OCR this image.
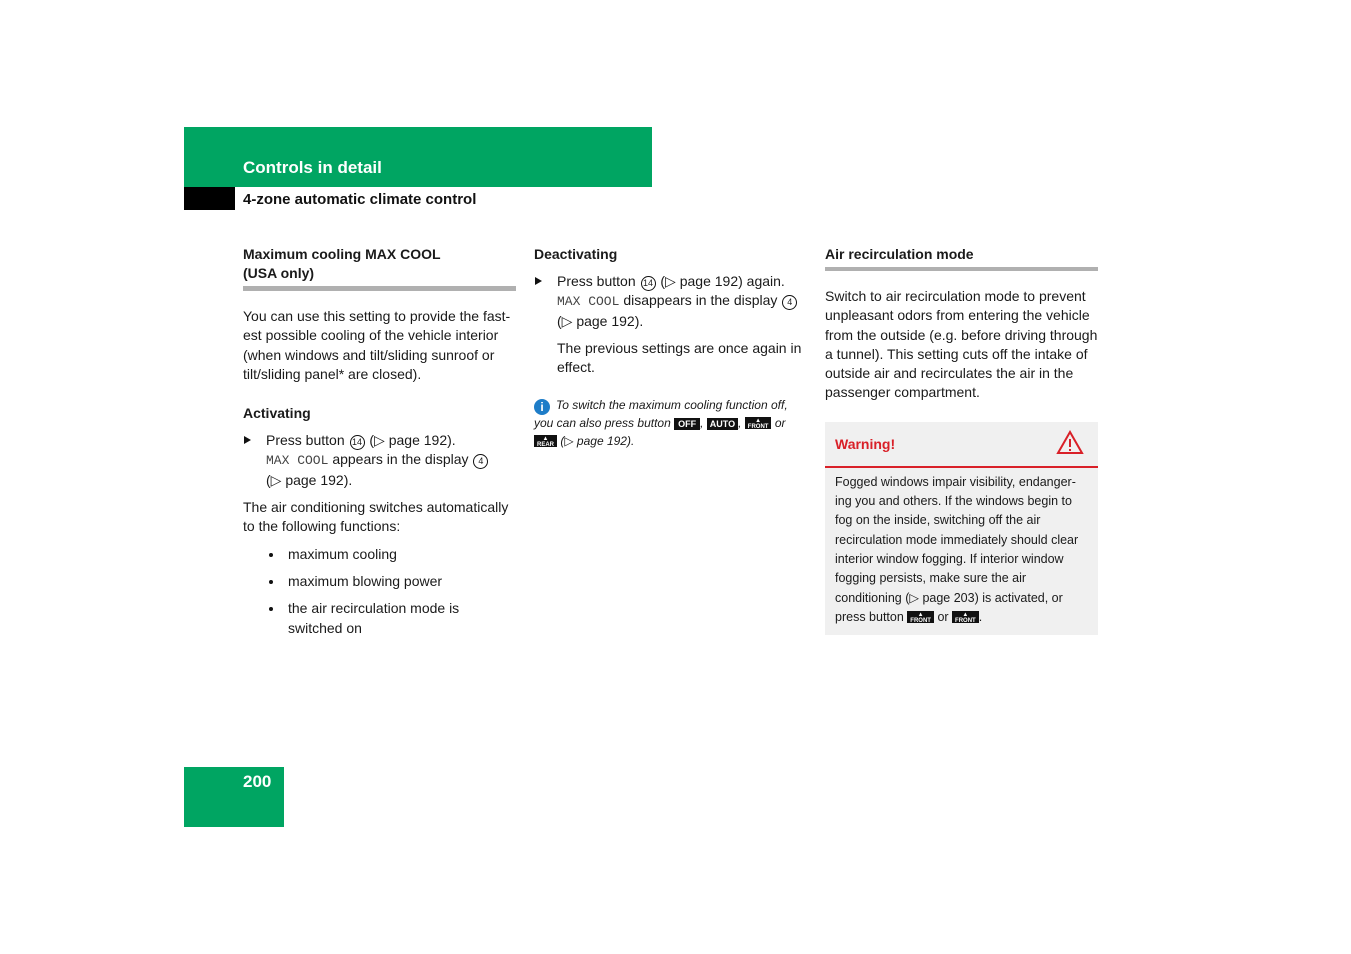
Controls in detail
4-zone automatic climate control

Maximum cooling MAX COOL
(USA only)

You can use this setting to provide the fast-est possible cooling of the vehicle interior (when windows and tilt/sliding sunroof or tilt/sliding panel* are closed).

Activating

Press button 14 (▷ page 192).
MAX COOL appears in the display 4
(▷ page 192).

The air conditioning switches automatically to the following functions:

maximum cooling
maximum blowing power
the air recirculation mode is switched on

Deactivating

Press button 14 (▷ page 192) again.
MAX COOL disappears in the display 4
(▷ page 192).

The previous settings are once again in effect.

i To switch the maximum cooling function off, you can also press button OFF , AUTO , ▲
FRONT or
▲
REAR (▷ page 192).

Air recirculation mode

Switch to air recirculation mode to prevent unpleasant odors from entering the vehicle from the outside (e.g. before driving through a tunnel). This setting cuts off the intake of outside air and recirculates the air in the passenger compartment.

Warning!
Fogged windows impair visibility, endanger-ing you and others. If the windows begin to fog on the inside, switching off the air recirculation mode immediately should clear interior window fogging. If interior window fogging persists, make sure the air conditioning (▷ page 203) is activated, or press button ▲
FRONT or ▲
FRONT .
200
